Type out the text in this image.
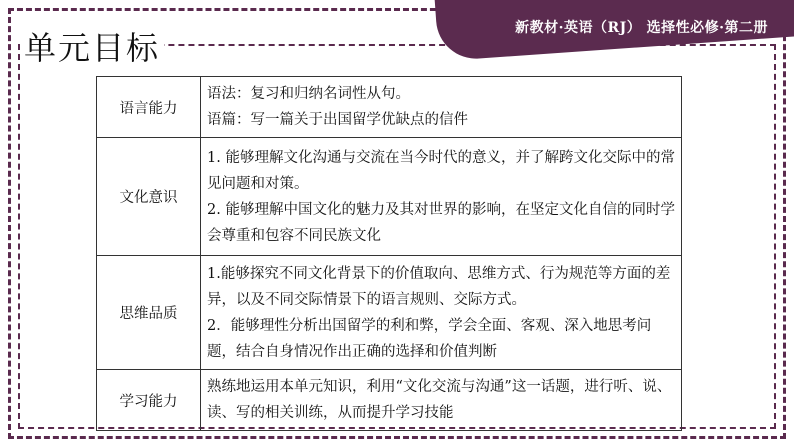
新教材·英语（RJ） 选择性必修·第二册
单元目标
语言能力	语法：复习和归纳名词性从句。
语篇：写一篇关于出国留学优缺点的信件

文化意识	1. 能够理解文化沟通与交流在当今时代的意义，并了解跨文化交际中的常见问题和对策。
2. 能够理解中国文化的魅力及其对世界的影响，在坚定文化自信的同时学会尊重和包容不同民族文化

思维品质	1.能够探究不同文化背景下的价值取向、思维方式、行为规范等方面的差异，以及不同交际情景下的语言规则、交际方式。
2．能够理性分析出国留学的利和弊，学会全面、客观、深入地思考问题，结合自身情况作出正确的选择和价值判断

学习能力	熟练地运用本单元知识，利用“文化交流与沟通”这一话题，进行听、说、读、写的相关训练，从而提升学习技能
